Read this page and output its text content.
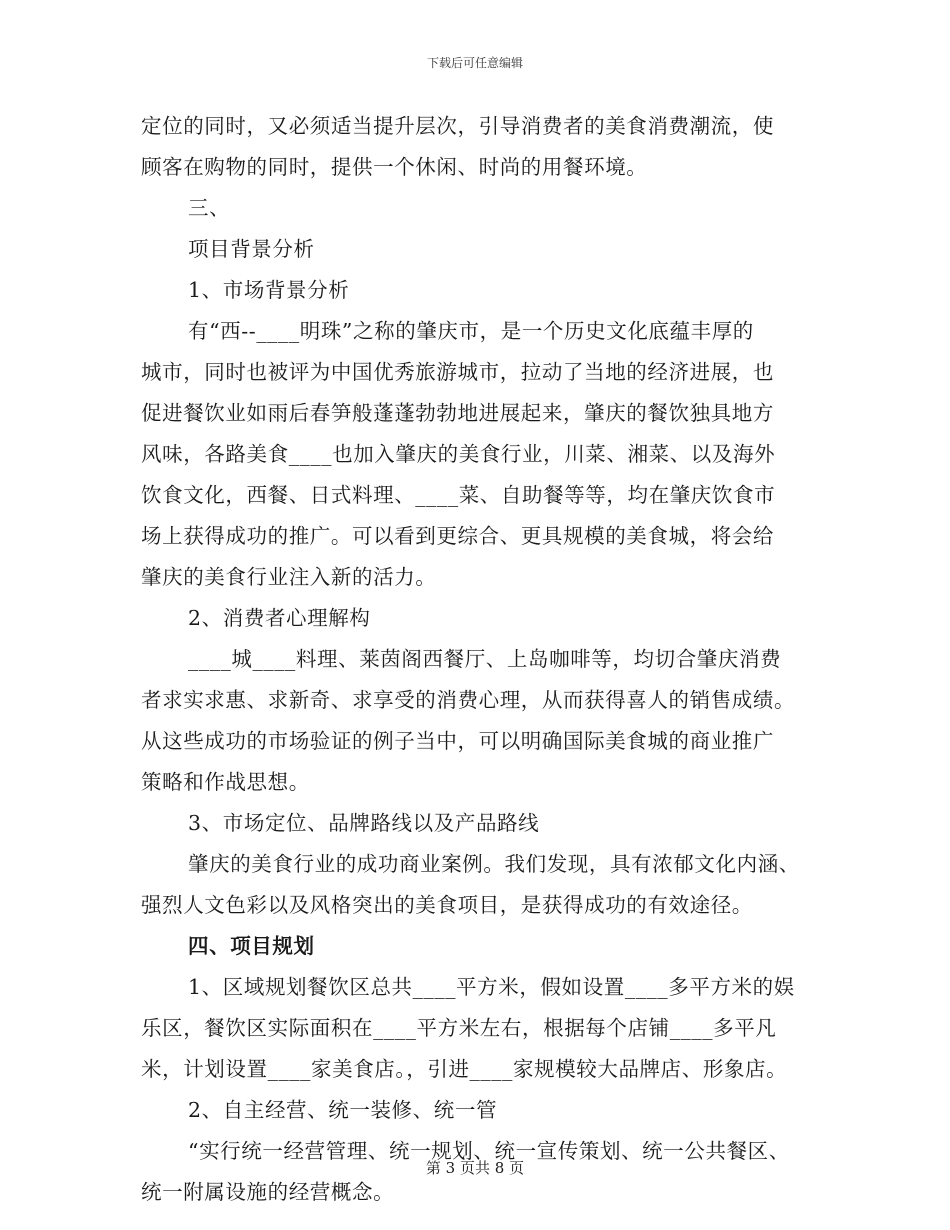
下载后可任意编辑
定位的同时，又必须适当提升层次，引导消费者的美食消费潮流，使
顾客在购物的同时，提供一个休闲、时尚的用餐环境。
三、
项目背景分析
1、市场背景分析
有“西--____明珠”之称的肇庆市，是一个历史文化底蕴丰厚的
城市，同时也被评为中国优秀旅游城市，拉动了当地的经济进展，也
促进餐饮业如雨后春笋般蓬蓬勃勃地进展起来，肇庆的餐饮独具地方
风味，各路美食____也加入肇庆的美食行业，川菜、湘菜、以及海外
饮食文化，西餐、日式料理、____菜、自助餐等等，均在肇庆饮食市
场上获得成功的推广。可以看到更综合、更具规模的美食城，将会给
肇庆的美食行业注入新的活力。
2、消费者心理解构
____城____料理、莱茵阁西餐厅、上岛咖啡等，均切合肇庆消费
者求实求惠、求新奇、求享受的消费心理，从而获得喜人的销售成绩。
从这些成功的市场验证的例子当中，可以明确国际美食城的商业推广
策略和作战思想。
3、市场定位、品牌路线以及产品路线
肇庆的美食行业的成功商业案例。我们发现，具有浓郁文化内涵、
强烈人文色彩以及风格突出的美食项目，是获得成功的有效途径。
四、项目规划
1、区域规划餐饮区总共____平方米，假如设置____多平方米的娱
乐区，餐饮区实际面积在____平方米左右，根据每个店铺____多平凡
米，计划设置____家美食店。，引进____家规模较大品牌店、形象店。
2、自主经营、统一装修、统一管
“实行统一经营管理、统一规划、统一宣传策划、统一公共餐区、
统一附属设施的经营概念。
第 3 页共 8 页
